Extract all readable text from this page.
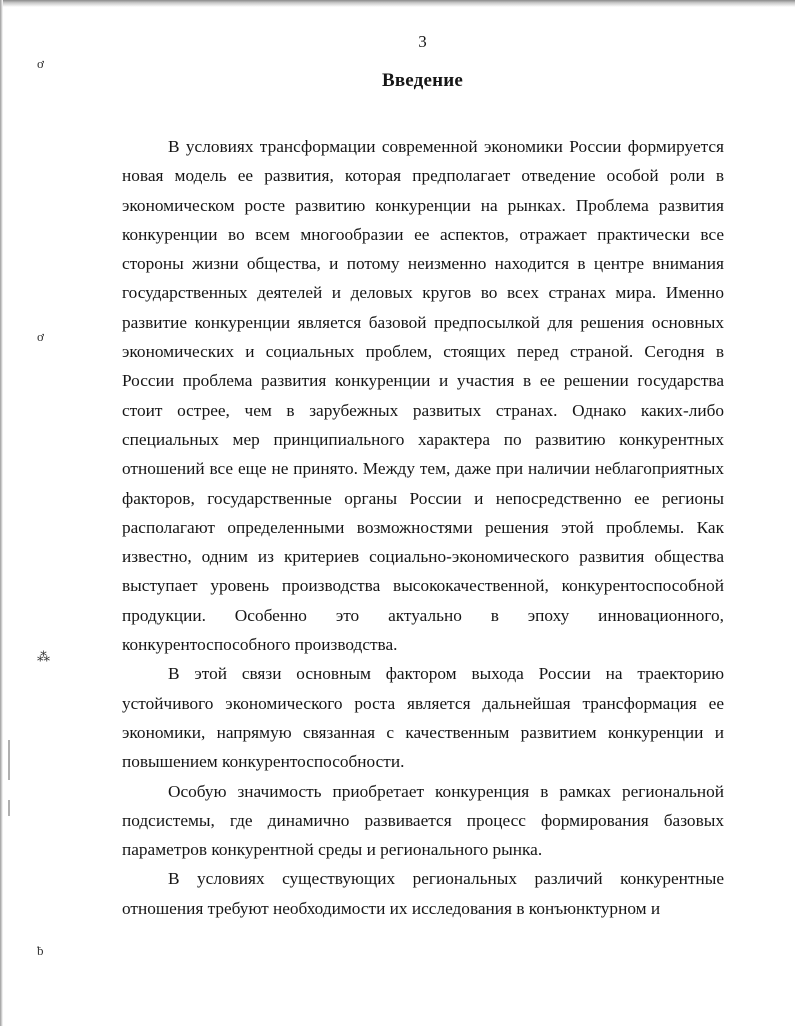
ơ
ơ
⁂
ƀ
3
Введение

В условиях трансформации современной экономики России формируется новая модель ее развития, которая предполагает отведение особой роли в экономическом росте развитию конкуренции на рынках. Проблема развития конкуренции во всем многообразии ее аспектов, отражает практически все стороны жизни общества, и потому неизменно находится в центре внимания государственных деятелей и деловых кругов во всех странах мира. Именно развитие конкуренции является базовой предпосылкой для решения основных экономических и социальных проблем, стоящих перед страной. Сегодня в России проблема развития конкуренции и участия в ее решении государства стоит острее, чем в зарубежных развитых странах. Однако каких-либо специальных мер принципиального характера по развитию конкурентных отношений все еще не принято. Между тем, даже при наличии неблагоприятных факторов, государственные органы России и непосредственно ее регионы располагают определенными возможностями решения этой проблемы. Как известно, одним из критериев социально-экономического развития общества выступает уровень производства высококачественной, конкурентоспособной продукции. Особенно это актуально в эпоху инновационного, конкурентоспособного производства.

В этой связи основным фактором выхода России на траекторию устойчивого экономического роста является дальнейшая трансформация ее экономики, напрямую связанная с качественным развитием конкуренции и повышением конкурентоспособности.

Особую значимость приобретает конкуренция в рамках региональной подсистемы, где динамично развивается процесс формирования базовых параметров конкурентной среды и регионального рынка.

В условиях существующих региональных различий конкурентные отношения требуют необходимости их исследования в конъюнктурном и
